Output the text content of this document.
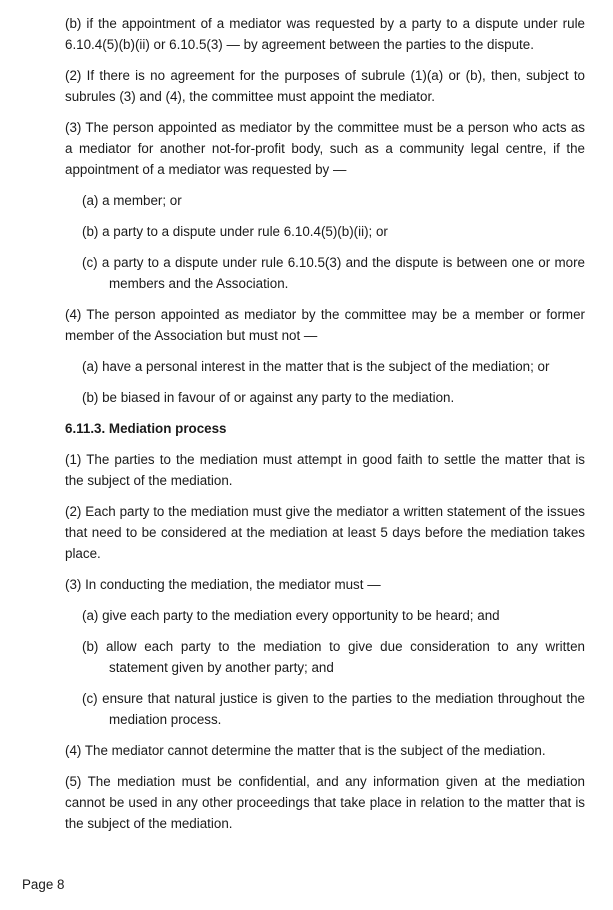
(b) if the appointment of a mediator was requested by a party to a dispute under rule 6.10.4(5)(b)(ii) or 6.10.5(3) — by agreement between the parties to the dispute.

(2) If there is no agreement for the purposes of subrule (1)(a) or (b), then, subject to subrules (3) and (4), the committee must appoint the mediator.

(3) The person appointed as mediator by the committee must be a person who acts as a mediator for another not-for-profit body, such as a community legal centre, if the appointment of a mediator was requested by —

(a) a member; or

(b) a party to a dispute under rule 6.10.4(5)(b)(ii); or

(c) a party to a dispute under rule 6.10.5(3) and the dispute is between one or more members and the Association.

(4) The person appointed as mediator by the committee may be a member or former member of the Association but must not —

(a) have a personal interest in the matter that is the subject of the mediation; or

(b) be biased in favour of or against any party to the mediation.

6.11.3. Mediation process

(1) The parties to the mediation must attempt in good faith to settle the matter that is the subject of the mediation.

(2) Each party to the mediation must give the mediator a written statement of the issues that need to be considered at the mediation at least 5 days before the mediation takes place.

(3) In conducting the mediation, the mediator must —

(a) give each party to the mediation every opportunity to be heard; and

(b) allow each party to the mediation to give due consideration to any written statement given by another party; and

(c) ensure that natural justice is given to the parties to the mediation throughout the mediation process.

(4) The mediator cannot determine the matter that is the subject of the mediation.

(5) The mediation must be confidential, and any information given at the mediation cannot be used in any other proceedings that take place in relation to the matter that is the subject of the mediation.

Page 8
